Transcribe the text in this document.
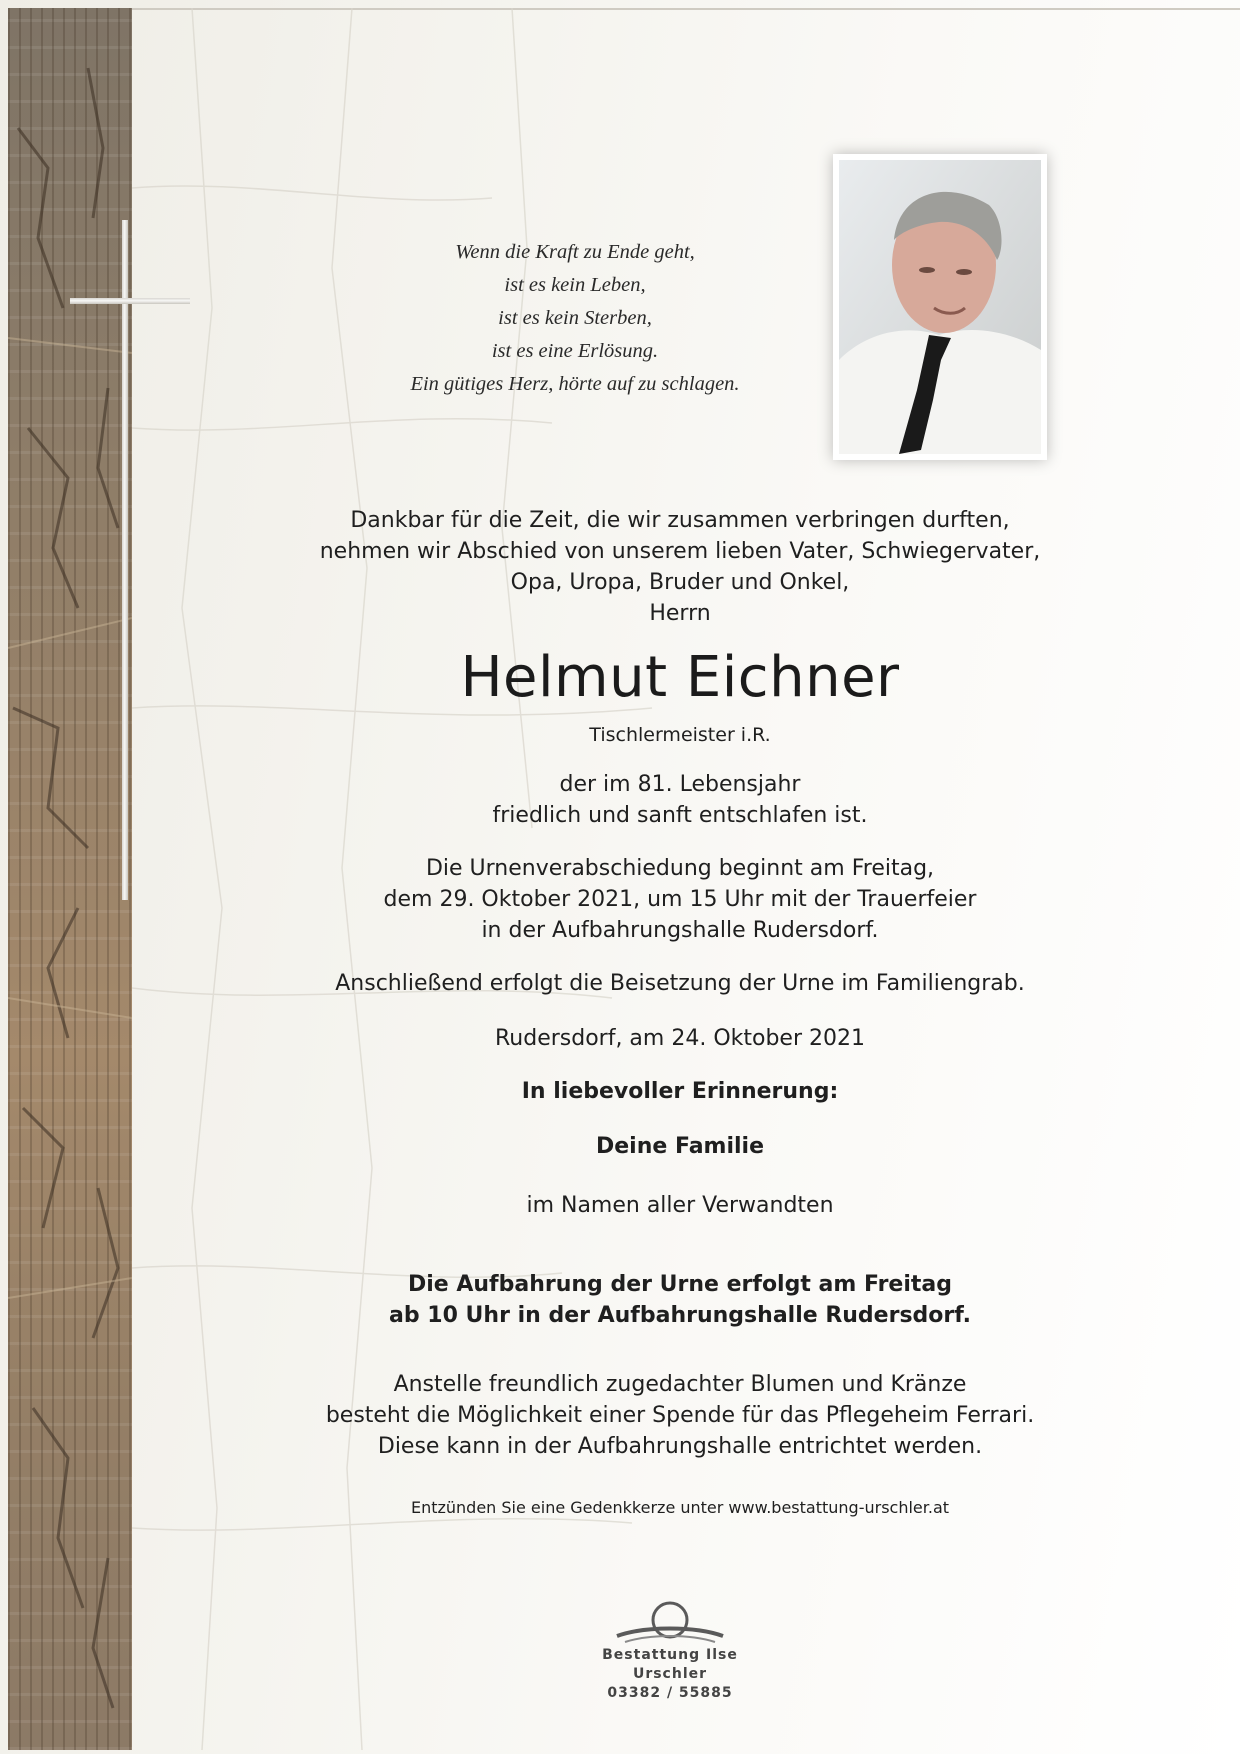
Wenn die Kraft zu Ende geht,
ist es kein Leben,
ist es kein Sterben,
ist es eine Erlösung.
Ein gütiges Herz, hörte auf zu schlagen.

Dankbar für die Zeit, die wir zusammen verbringen durften,
nehmen wir Abschied von unserem lieben Vater, Schwiegervater,
Opa, Uropa, Bruder und Onkel,
Herrn

Helmut Eichner

Tischlermeister i.R.

der im 81. Lebensjahr
friedlich und sanft entschlafen ist.

Die Urnenverabschiedung beginnt am Freitag,
dem 29. Oktober 2021, um 15 Uhr mit der Trauerfeier
in der Aufbahrungshalle Rudersdorf.

Anschließend erfolgt die Beisetzung der Urne im Familiengrab.

Rudersdorf, am 24. Oktober 2021

In liebevoller Erinnerung:

Deine Familie

im Namen aller Verwandten

Die Aufbahrung der Urne erfolgt am Freitag
ab 10 Uhr in der Aufbahrungshalle Rudersdorf.

Anstelle freundlich zugedachter Blumen und Kränze
besteht die Möglichkeit einer Spende für das Pflegeheim Ferrari.
Diese kann in der Aufbahrungshalle entrichtet werden.

Entzünden Sie eine Gedenkkerze unter www.bestattung-urschler.at

Bestattung Ilse Urschler
03382 / 55885
